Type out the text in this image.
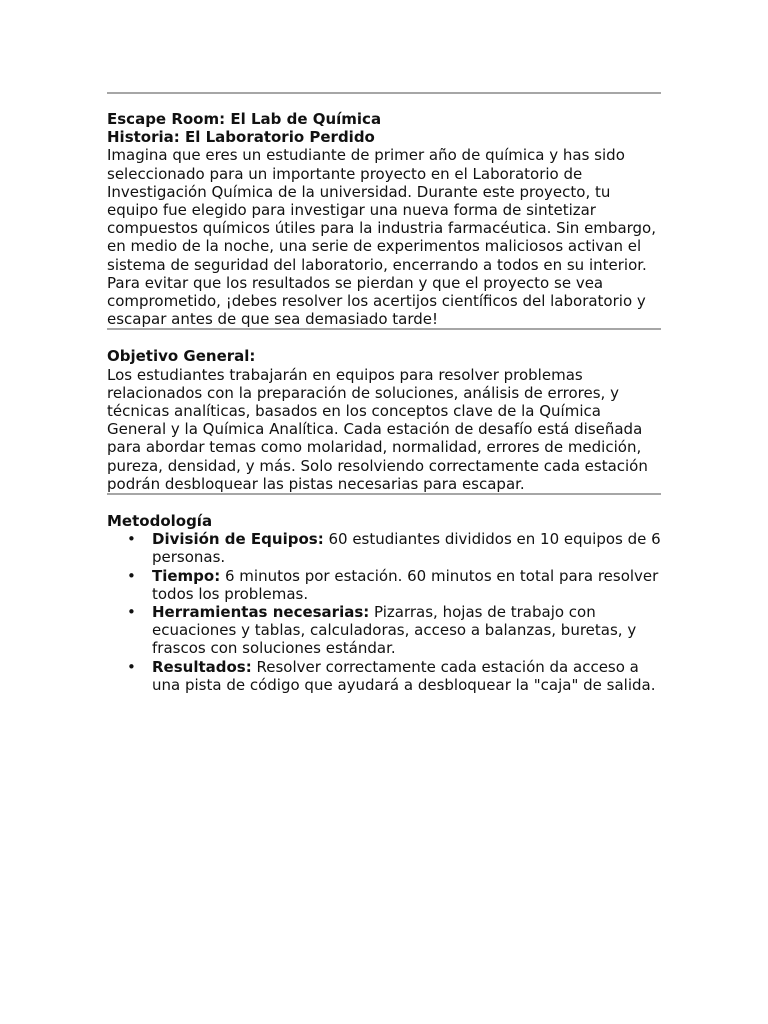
Escape Room: El Lab de Química

Historia: El Laboratorio Perdido

Imagina que eres un estudiante de primer año de química y has sido seleccionado para un importante proyecto en el Laboratorio de Investigación Química de la universidad. Durante este proyecto, tu equipo fue elegido para investigar una nueva forma de sintetizar compuestos químicos útiles para la industria farmacéutica. Sin embargo, en medio de la noche, una serie de experimentos maliciosos activan el sistema de seguridad del laboratorio, encerrando a todos en su interior. Para evitar que los resultados se pierdan y que el proyecto se vea comprometido, ¡debes resolver los acertijos científicos del laboratorio y escapar antes de que sea demasiado tarde!

Objetivo General:

Los estudiantes trabajarán en equipos para resolver problemas relacionados con la preparación de soluciones, análisis de errores, y técnicas analíticas, basados en los conceptos clave de la Química General y la Química Analítica. Cada estación de desafío está diseñada para abordar temas como molaridad, normalidad, errores de medición, pureza, densidad, y más. Solo resolviendo correctamente cada estación podrán desbloquear las pistas necesarias para escapar.

Metodología

• División de Equipos: 60 estudiantes divididos en 10 equipos de 6 personas.
• Tiempo: 6 minutos por estación. 60 minutos en total para resolver todos los problemas.
• Herramientas necesarias: Pizarras, hojas de trabajo con ecuaciones y tablas, calculadoras, acceso a balanzas, buretas, y frascos con soluciones estándar.
• Resultados: Resolver correctamente cada estación da acceso a una pista de código que ayudará a desbloquear la "caja" de salida.
